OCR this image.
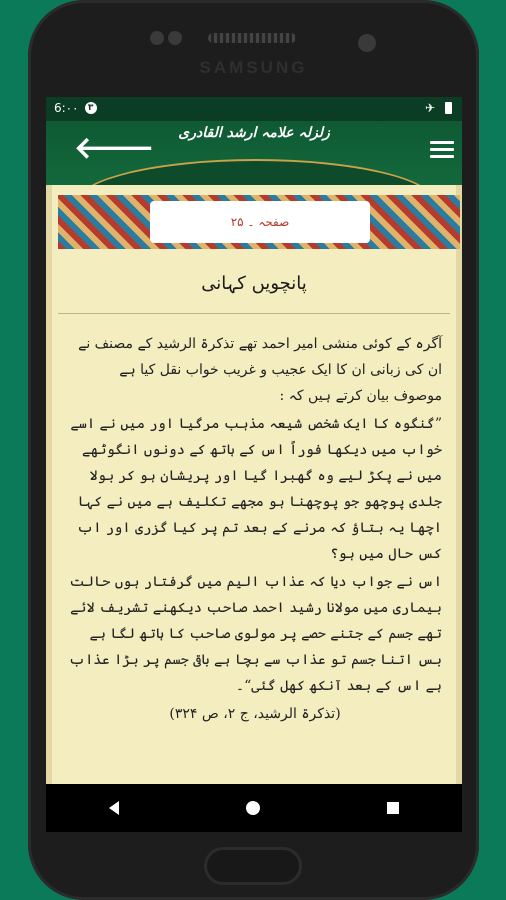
SAMSUNG
6:۰۰	۳	✈
زلزلہ علامہ ارشد القادری
🡐
صفحہ ۔ ۲۵
پانچویں کہانی

آگرہ کے کوئی منشی امیر احمد تھے تذکرۃ الرشید کے مصنف نے ان کی زبانی ان کا ایک عجیب و غریب خواب نقل کیا ہے موصوف بیان کرتے ہیں کہ :

”گنگوہ کا ایک شخص شیعہ مذہب مرگیا اور میں نے اسے خواب میں دیکھا فوراً اس کے ہاتھ کے دونوں انگوٹھے میں نے پکڑ لیے وہ گھبرا گیا اور پریشان ہو کر بولا جلدی پوچھو جو پوچھنا ہو مجھے تکلیف ہے میں نے کہا اچھا یہ بتاؤ کہ مرنے کے بعد تم پر کیا گزری اور اب کس حال میں ہو؟

اس نے جواب دیا کہ عذاب الیم میں گرفتار ہوں حالت بیماری میں مولانا رشید احمد صاحب دیکھنے تشریف لائے تھے جسم کے جتنے حصے پر مولوی صاحب کا ہاتھ لگا ہے بس اتنا جسم تو عذاب سے بچا ہے باقی جسم پر بڑا عذاب ہے اس کے بعد آنکھ کھل گئی“۔

(تذکرۃ الرشید، ج ۲، ص ۳۲۴)
